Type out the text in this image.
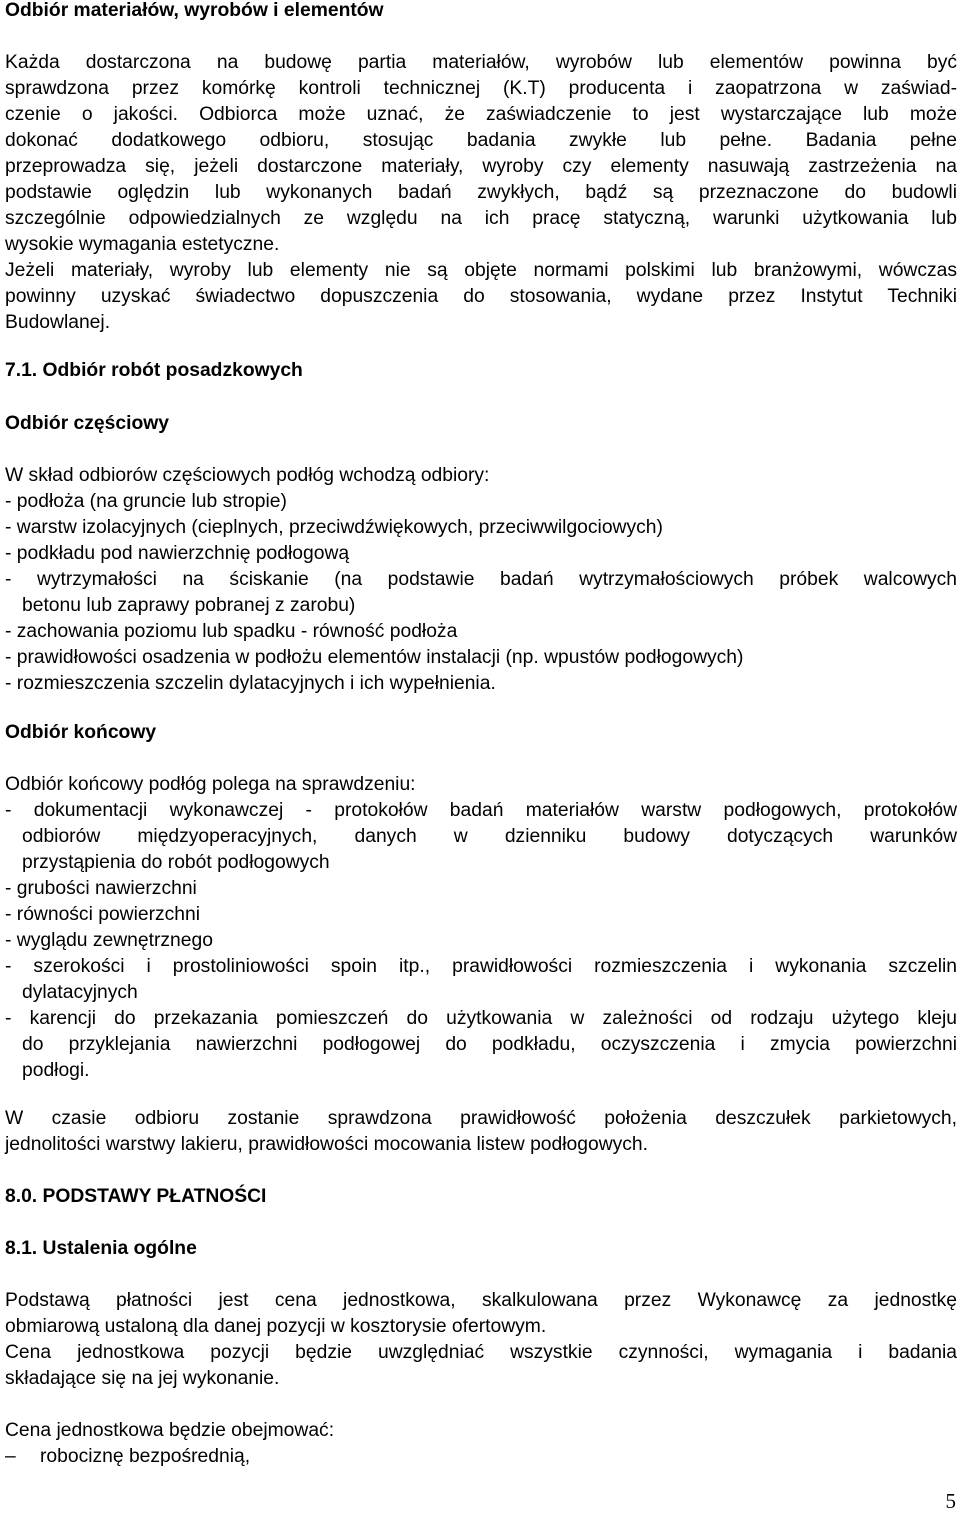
Odbiór materiałów, wyrobów i elementów
Każda dostarczona na budowę partia materiałów, wyrobów lub elementów powinna być
sprawdzona przez komórkę kontroli technicznej (K.T) producenta i zaopatrzona w zaświad-
czenie o jakości. Odbiorca może uznać, że zaświadczenie to jest wystarczające lub może
dokonać dodatkowego odbioru, stosując badania zwykłe lub pełne. Badania pełne
przeprowadza się, jeżeli dostarczone materiały, wyroby czy elementy nasuwają zastrzeżenia na
podstawie oględzin lub wykonanych badań zwykłych, bądź są przeznaczone do budowli
szczególnie odpowiedzialnych ze względu na ich pracę statyczną, warunki użytkowania lub
wysokie wymagania estetyczne.
Jeżeli materiały, wyroby lub elementy nie są objęte normami polskimi lub branżowymi, wówczas
powinny uzyskać świadectwo dopuszczenia do stosowania, wydane przez Instytut Techniki
Budowlanej.
7.1. Odbiór robót posadzkowych
Odbiór częściowy
W skład odbiorów częściowych podłóg wchodzą odbiory:
- podłoża (na gruncie lub stropie)
- warstw izolacyjnych (cieplnych, przeciwdźwiękowych, przeciwwilgociowych)
- podkładu pod nawierzchnię podłogową
- wytrzymałości na ściskanie (na podstawie badań wytrzymałościowych próbek walcowych
betonu lub zaprawy pobranej z zarobu)
- zachowania poziomu lub spadku - równość podłoża
- prawidłowości osadzenia w podłożu elementów instalacji (np. wpustów podłogowych)
- rozmieszczenia szczelin dylatacyjnych i ich wypełnienia.
Odbiór końcowy
Odbiór końcowy podłóg polega na sprawdzeniu:
- dokumentacji wykonawczej - protokołów badań materiałów warstw podłogowych, protokołów
odbiorów międzyoperacyjnych, danych w dzienniku budowy dotyczących warunków
przystąpienia do robót podłogowych
- grubości nawierzchni
- równości powierzchni
- wyglądu zewnętrznego
- szerokości i prostoliniowości spoin itp., prawidłowości rozmieszczenia i wykonania szczelin
dylatacyjnych
- karencji do przekazania pomieszczeń do użytkowania w zależności od rodzaju użytego kleju
do przyklejania nawierzchni podłogowej do podkładu, oczyszczenia i zmycia powierzchni
podłogi.
W czasie odbioru zostanie sprawdzona prawidłowość położenia deszczułek parkietowych,
jednolitości warstwy lakieru, prawidłowości mocowania listew podłogowych.
8.0. PODSTAWY PŁATNOŚCI
8.1. Ustalenia ogólne
Podstawą płatności jest cena jednostkowa, skalkulowana przez Wykonawcę za jednostkę
obmiarową ustaloną dla danej pozycji w kosztorysie ofertowym.
Cena jednostkowa pozycji będzie uwzględniać wszystkie czynności, wymagania i badania
składające się na jej wykonanie.
Cena jednostkowa będzie obejmować:
–	robociznę bezpośrednią,
5
